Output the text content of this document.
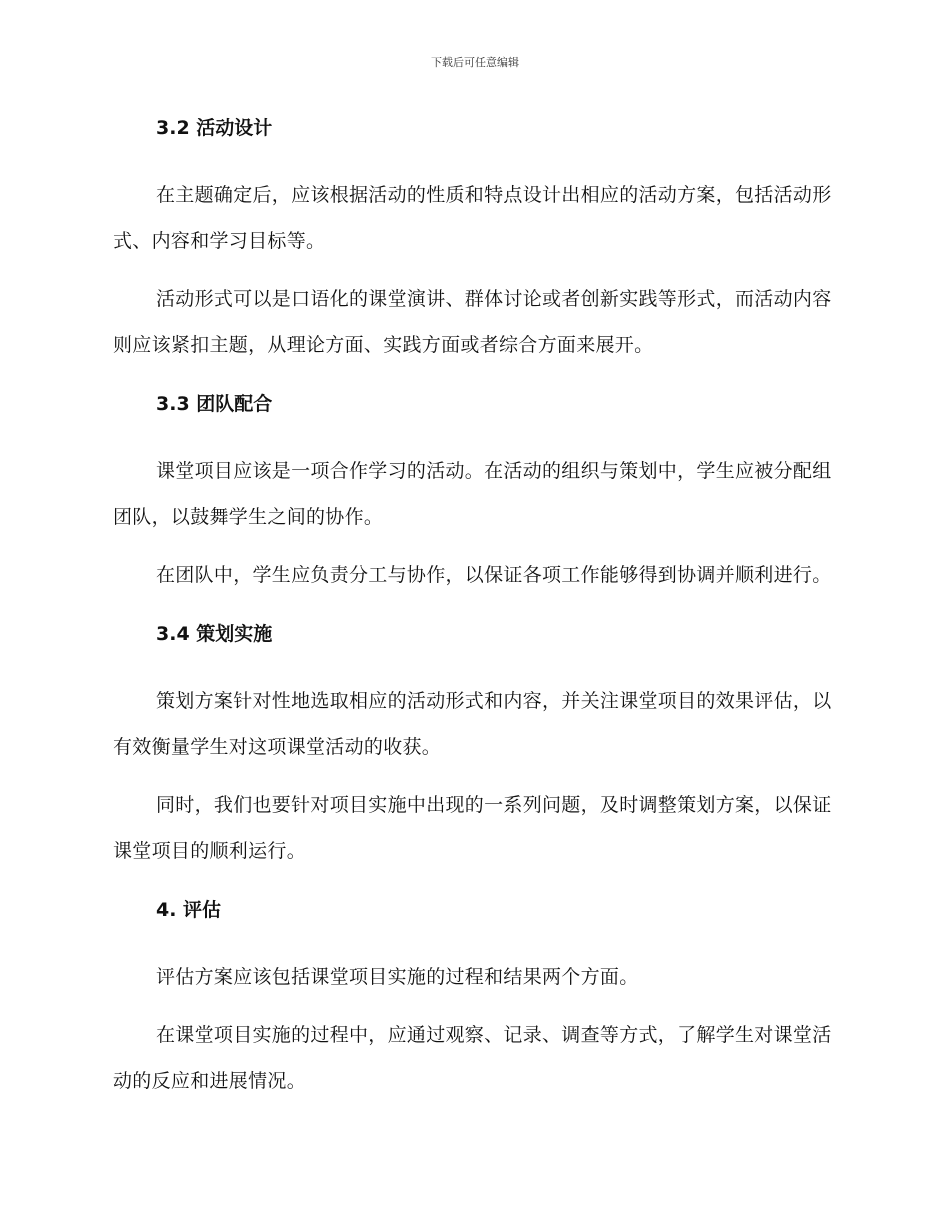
下载后可任意编辑
3.2 活动设计

在主题确定后，应该根据活动的性质和特点设计出相应的活动方案，包括活动形式、内容和学习目标等。

活动形式可以是口语化的课堂演讲、群体讨论或者创新实践等形式，而活动内容则应该紧扣主题，从理论方面、实践方面或者综合方面来展开。

3.3 团队配合

课堂项目应该是一项合作学习的活动。在活动的组织与策划中，学生应被分配组团队，以鼓舞学生之间的协作。

在团队中，学生应负责分工与协作，以保证各项工作能够得到协调并顺利进行。

3.4 策划实施

策划方案针对性地选取相应的活动形式和内容，并关注课堂项目的效果评估，以有效衡量学生对这项课堂活动的收获。

同时，我们也要针对项目实施中出现的一系列问题，及时调整策划方案，以保证课堂项目的顺利运行。

4. 评估

评估方案应该包括课堂项目实施的过程和结果两个方面。

在课堂项目实施的过程中，应通过观察、记录、调查等方式，了解学生对课堂活动的反应和进展情况。
